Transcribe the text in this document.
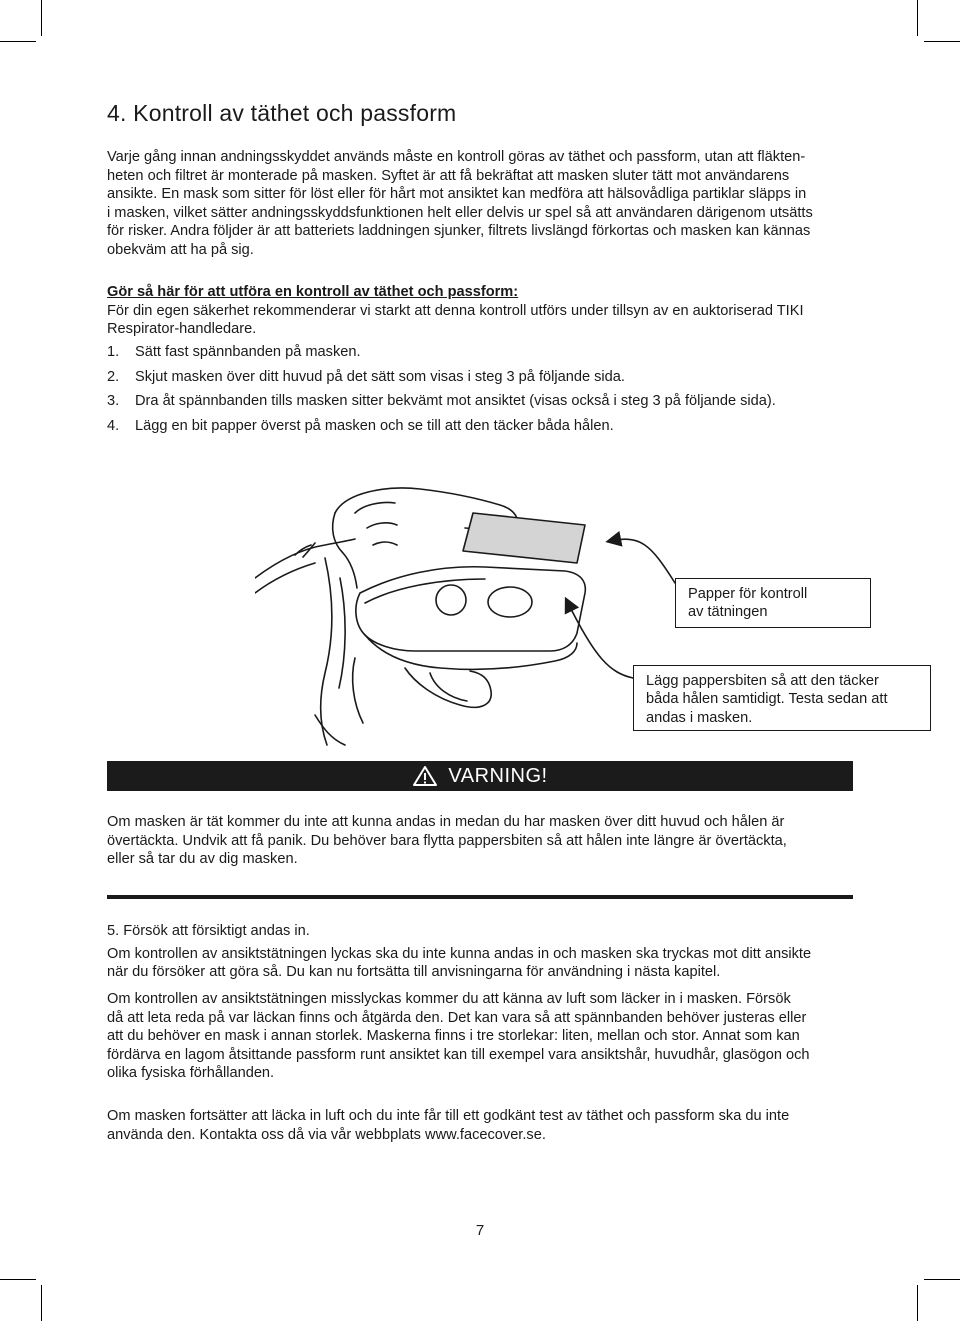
4. Kontroll av täthet och passform
Varje gång innan andningsskyddet används måste en kontroll göras av täthet och passform, utan att fläkten-
heten och filtret är monterade på masken. Syftet är att få bekräftat att masken sluter tätt mot användarens
ansikte. En mask som sitter för löst eller för hårt mot ansiktet kan medföra att hälsovådliga partiklar släpps in
i masken, vilket sätter andningsskyddsfunktionen helt eller delvis ur spel så att användaren därigenom utsätts
för risker. Andra följder är att batteriets laddningen sjunker, filtrets livslängd förkortas och masken kan kännas
obekväm att ha på sig.
Gör så här för att utföra en kontroll av täthet och passform:
För din egen säkerhet rekommenderar vi starkt att denna kontroll utförs under tillsyn av en auktoriserad TIKI
Respirator-handledare.
1.	Sätt fast spännbanden på masken.
2.	Skjut masken över ditt huvud på det sätt som visas i steg 3 på följande sida.
3.	Dra åt spännbanden tills masken sitter bekvämt mot ansiktet (visas också i steg 3 på följande sida).
4.	Lägg en bit papper överst på masken och se till att den täcker båda hålen.
Papper för kontroll
av tätningen
Lägg pappersbiten så att den täcker
båda hålen samtidigt. Testa sedan att
andas i masken.
VARNING!
Om masken är tät kommer du inte att kunna andas in medan du har masken över ditt huvud och hålen är
övertäckta. Undvik att få panik. Du behöver bara flytta pappersbiten så att hålen inte längre är övertäckta,
eller så tar du av dig masken.
5. Försök att försiktigt andas in.
Om kontrollen av ansiktstätningen lyckas ska du inte kunna andas in och masken ska tryckas mot ditt ansikte
när du försöker att göra så. Du kan nu fortsätta till anvisningarna för användning i nästa kapitel.
Om kontrollen av ansiktstätningen misslyckas kommer du att känna av luft som läcker in i masken. Försök
då att leta reda på var läckan finns och åtgärda den. Det kan vara så att spännbanden behöver justeras eller
att du behöver en mask i annan storlek. Maskerna finns i tre storlekar: liten, mellan och stor. Annat som kan
fördärva en lagom åtsittande passform runt ansiktet kan till exempel vara ansiktshår, huvudhår, glasögon och
olika fysiska förhållanden.
Om masken fortsätter att läcka in luft och du inte får till ett godkänt test av täthet och passform ska du inte
använda den. Kontakta oss då via vår webbplats www.facecover.se.
7
